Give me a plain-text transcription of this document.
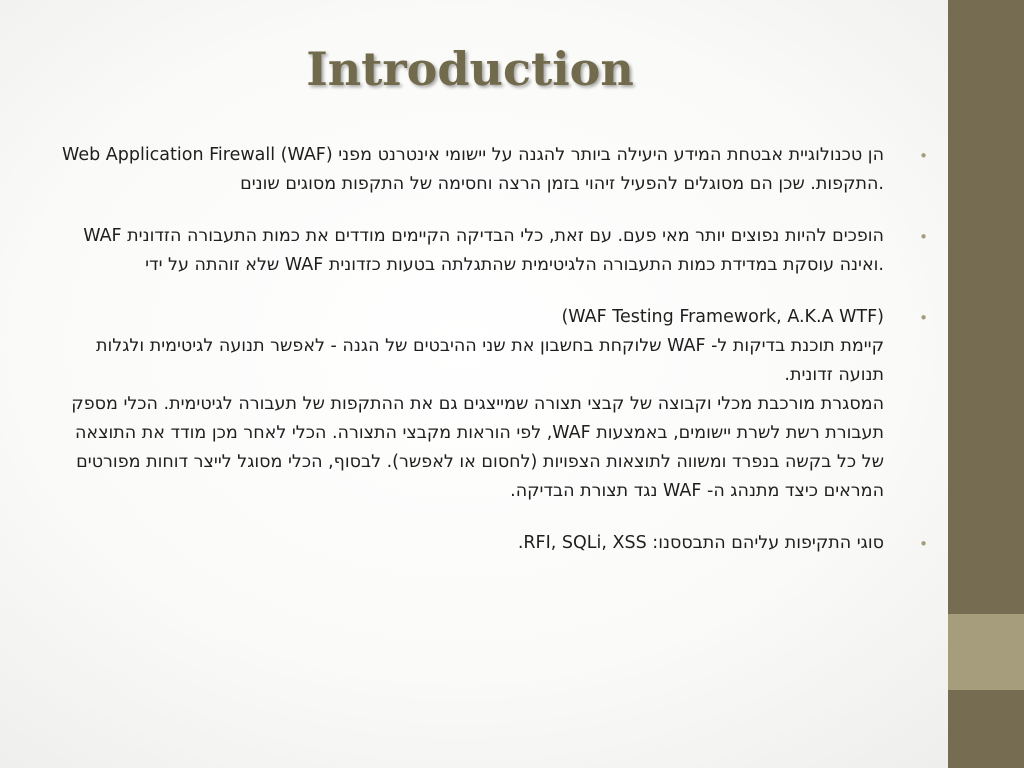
Introduction
•
Web Application Firewall (WAF) הן טכנולוגיית אבטחת המידע היעילה ביותר להגנה על יישומי אינטרנט מפני התקפות. שכן הם מסוגלים להפעיל זיהוי בזמן הרצה וחסימה של התקפות מסוגים שונים.
•
WAF הופכים להיות נפוצים יותר מאי פעם. עם זאת, כלי הבדיקה הקיימים מודדים את כמות התעבורה הזדונית שלא זוהתה על ידי WAF ואינה עוסקת במדידת כמות התעבורה הלגיטימית שהתגלתה בטעות כזדונית.
•
(WAF Testing Framework, A.K.A WTF)
קיימת תוכנת בדיקות ל- WAF שלוקחת בחשבון את שני ההיבטים של הגנה - לאפשר תנועה לגיטימית ולגלות תנועה זדונית.
המסגרת מורכבת מכלי וקבוצה של קבצי תצורה שמייצגים גם את ההתקפות של תעבורה לגיטימית. הכלי מספק תעבורת רשת לשרת יישומים, באמצעות WAF, לפי הוראות מקבצי התצורה. הכלי לאחר מכן מודד את התוצאה של כל בקשה בנפרד ומשווה לתוצאות הצפויות (לחסום או לאפשר). לבסוף, הכלי מסוגל לייצר דוחות מפורטים המראים כיצד מתנהג ה- WAF נגד תצורת הבדיקה.
•
סוגי התקיפות עליהם התבססנו: RFI, SQLi, XSS.
